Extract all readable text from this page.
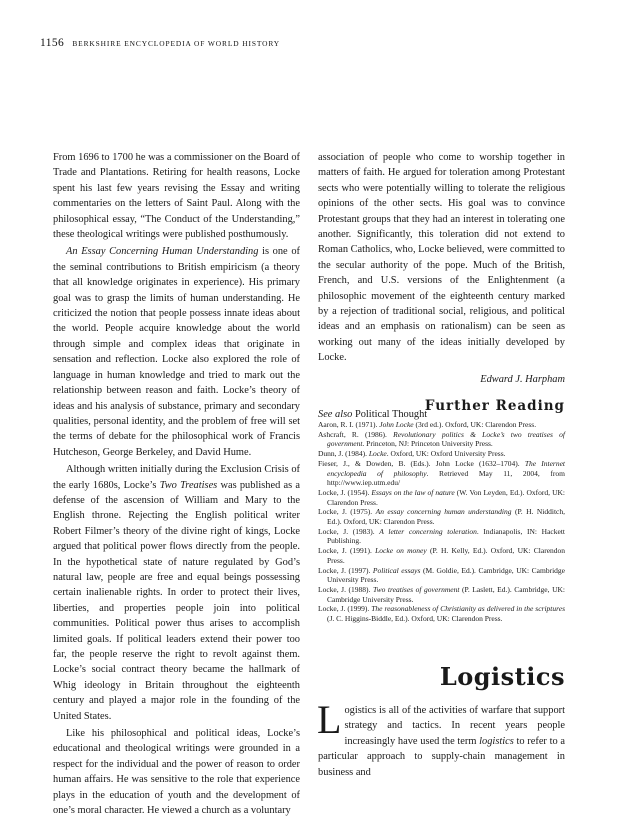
1156 BERKSHIRE ENCYCLOPEDIA OF WORLD HISTORY

From 1696 to 1700 he was a commissioner on the Board of Trade and Plantations. Retiring for health reasons, Locke spent his last few years revising the Essay and writing commentaries on the letters of Saint Paul. Along with the philosophical essay, “The Conduct of the Understanding,” these theological writings were published posthumously.

An Essay Concerning Human Understanding is one of the seminal contributions to British empiricism (a theory that all knowledge originates in experience). His primary goal was to grasp the limits of human understanding. He criticized the notion that people possess innate ideas about the world. People acquire knowledge about the world through simple and complex ideas that originate in sensation and reflection. Locke also explored the role of language in human knowledge and tried to mark out the relationship between reason and faith. Locke’s theory of ideas and his analysis of substance, primary and secondary qualities, personal identity, and the problem of free will set the terms of debate for the philosophical work of Francis Hutcheson, George Berkeley, and David Hume.

Although written initially during the Exclusion Crisis of the early 1680s, Locke’s Two Treatises was published as a defense of the ascension of William and Mary to the English throne. Rejecting the English political writer Robert Filmer’s theory of the divine right of kings, Locke argued that political power flows directly from the people. In the hypothetical state of nature regulated by God’s natural law, people are free and equal beings possessing certain inalienable rights. In order to protect their lives, liberties, and properties people join into political communities. Political power thus arises to accomplish limited goals. If political leaders extend their power too far, the people reserve the right to revolt against them. Locke’s social contract theory became the hallmark of Whig ideology in Britain throughout the eighteenth century and played a major role in the founding of the United States.

Like his philosophical and political ideas, Locke’s educational and theological writings were grounded in a respect for the individual and the power of reason to order human affairs. He was sensitive to the role that experience plays in the education of youth and the development of one’s moral character. He viewed a church as a voluntary

association of people who come to worship together in matters of faith. He argued for toleration among Protestant sects who were potentially willing to tolerate the religious opinions of the other sects. His goal was to convince Protestant groups that they had an interest in tolerating one another. Significantly, this toleration did not extend to Roman Catholics, who, Locke believed, were committed to the secular authority of the pope. Much of the British, French, and U.S. versions of the Enlightenment (a philosophic movement of the eighteenth century marked by a rejection of traditional social, religious, and political ideas and an emphasis on rationalism) can be seen as working out many of the ideas initially developed by Locke.

Edward J. Harpham
See also Political Thought
Further Reading
Aaron, R. I. (1971). John Locke (3rd ed.). Oxford, UK: Clarendon Press.
Ashcraft, R. (1986). Revolutionary politics & Locke’s two treatises of government. Princeton, NJ: Princeton University Press.
Dunn, J. (1984). Locke. Oxford, UK: Oxford University Press.
Fieser, J., & Dowden, B. (Eds.). John Locke (1632–1704). The Internet encyclopedia of philosophy. Retrieved May 11, 2004, from http://www.iep.utm.edu/
Locke, J. (1954). Essays on the law of nature (W. Von Leyden, Ed.). Oxford, UK: Clarendon Press.
Locke, J. (1975). An essay concerning human understanding (P. H. Nidditch, Ed.). Oxford, UK: Clarendon Press.
Locke, J. (1983). A letter concerning toleration. Indianapolis, IN: Hackett Publishing.
Locke, J. (1991). Locke on money (P. H. Kelly, Ed.). Oxford, UK: Clarendon Press.
Locke, J. (1997). Political essays (M. Goldie, Ed.). Cambridge, UK: Cambridge University Press.
Locke, J. (1988). Two treatises of government (P. Laslett, Ed.). Cambridge, UK: Cambridge University Press.
Locke, J. (1999). The reasonableness of Christianity as delivered in the scriptures (J. C. Higgins-Biddle, Ed.). Oxford, UK: Clarendon Press.
Logistics
Logistics is all of the activities of warfare that support strategy and tactics. In recent years people increasingly have used the term logistics to refer to a particular approach to supply-chain management in business and
